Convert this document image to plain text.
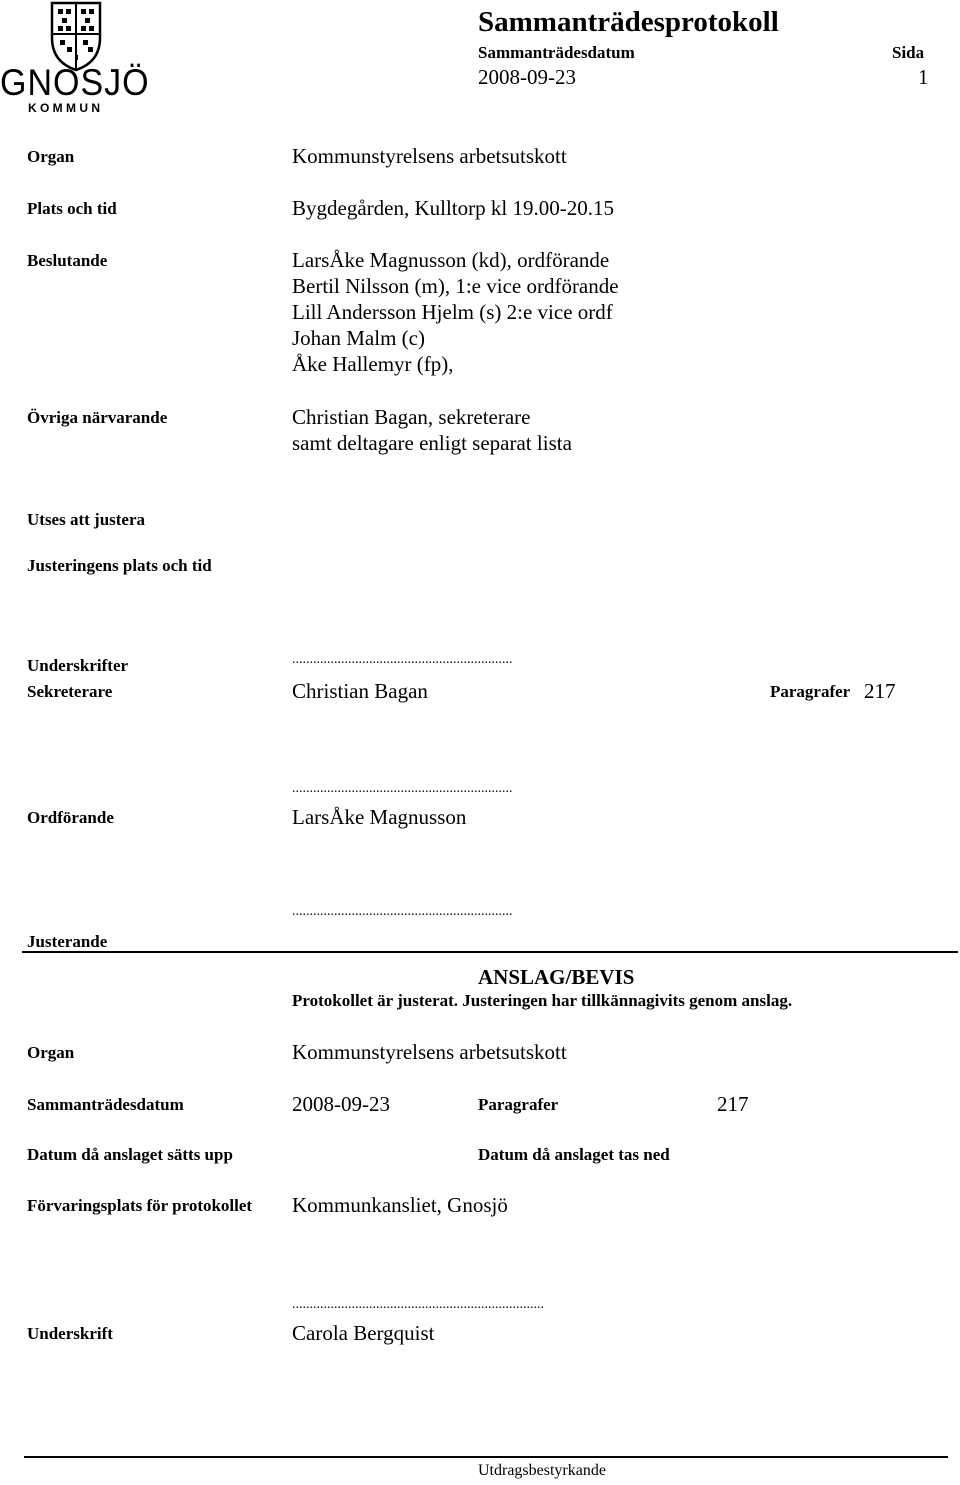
GNOSJÖ
K O M M U N
Sammanträdesprotokoll
Sammanträdesdatum
2008-09-23
Sida
1
Organ	Kommunstyrelsens arbetsutskott
Plats och tid	Bygdegården, Kulltorp kl 19.00-20.15
Beslutande	LarsÅke Magnusson (kd), ordförande
Bertil Nilsson (m), 1:e vice ordförande
Lill Andersson Hjelm (s) 2:e vice ordf
Johan Malm (c)
Åke Hallemyr (fp),
Övriga närvarande	Christian Bagan, sekreterare
samt deltagare enligt separat lista
Utses att justera
Justeringens plats och tid
Underskrifter	...............................................................
Sekreterare	Christian Bagan	Paragrafer 217
...............................................................
Ordförande	LarsÅke Magnusson
...............................................................
Justerande
ANSLAG/BEVIS
Protokollet är justerat. Justeringen har tillkännagivits genom anslag.
Organ	Kommunstyrelsens arbetsutskott
Sammanträdesdatum	2008-09-23	Paragrafer	217
Datum då anslaget sätts upp	Datum då anslaget tas ned
Förvaringsplats för protokollet Kommunkansliet, Gnosjö
........................................................................
Underskrift	Carola Bergquist
Utdragsbestyrkande
